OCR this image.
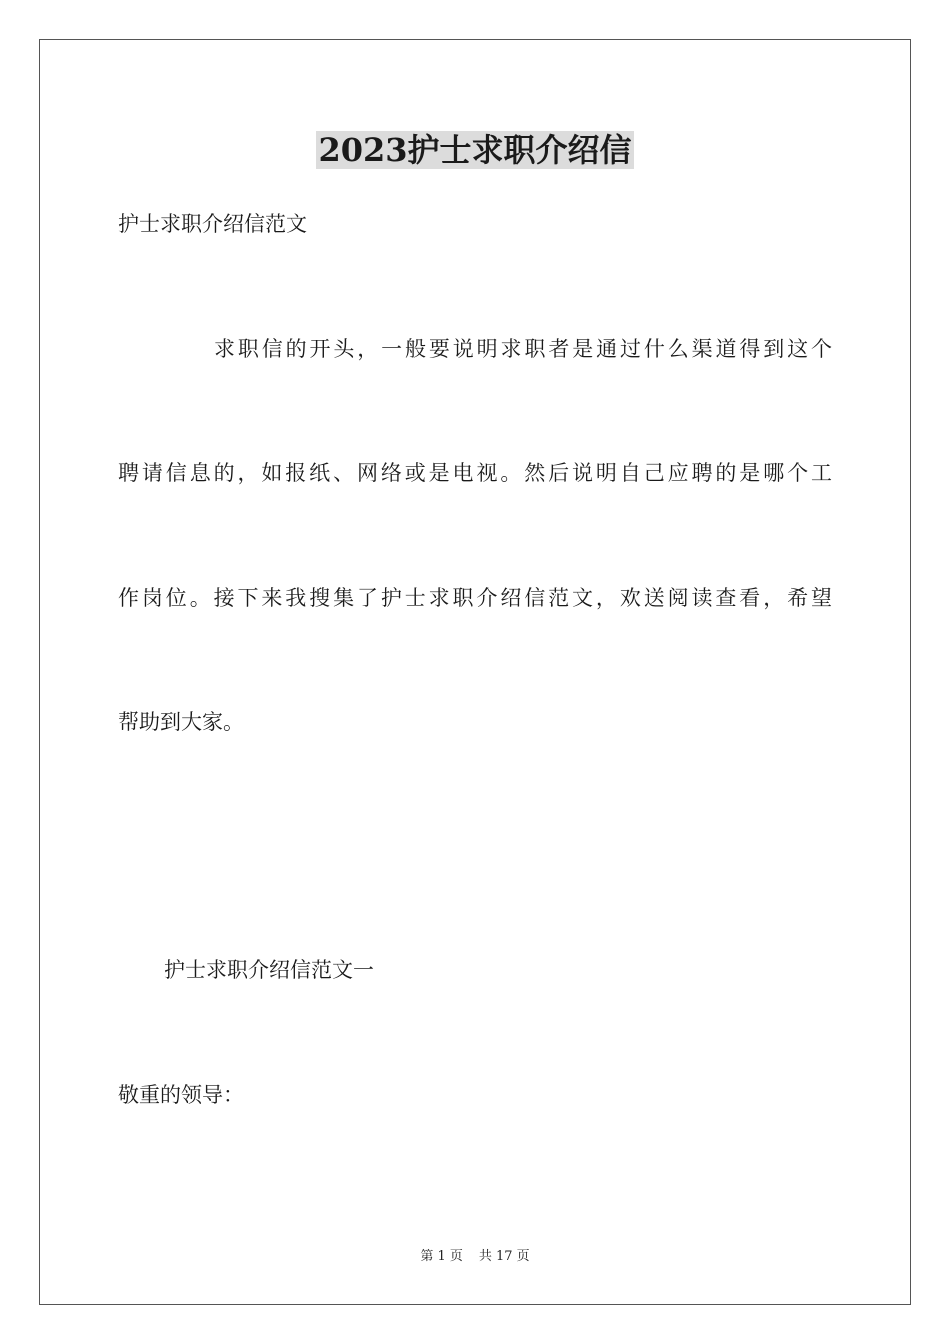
2023护士求职介绍信
护士求职介绍信范文
求职信的开头，一般要说明求职者是通过什么渠道得到这个
聘请信息的，如报纸、网络或是电视。然后说明自己应聘的是哪个工
作岗位。接下来我搜集了护士求职介绍信范文，欢送阅读查看，希望
帮助到大家。
护士求职介绍信范文一
敬重的领导：
第 1 页 共 17 页
